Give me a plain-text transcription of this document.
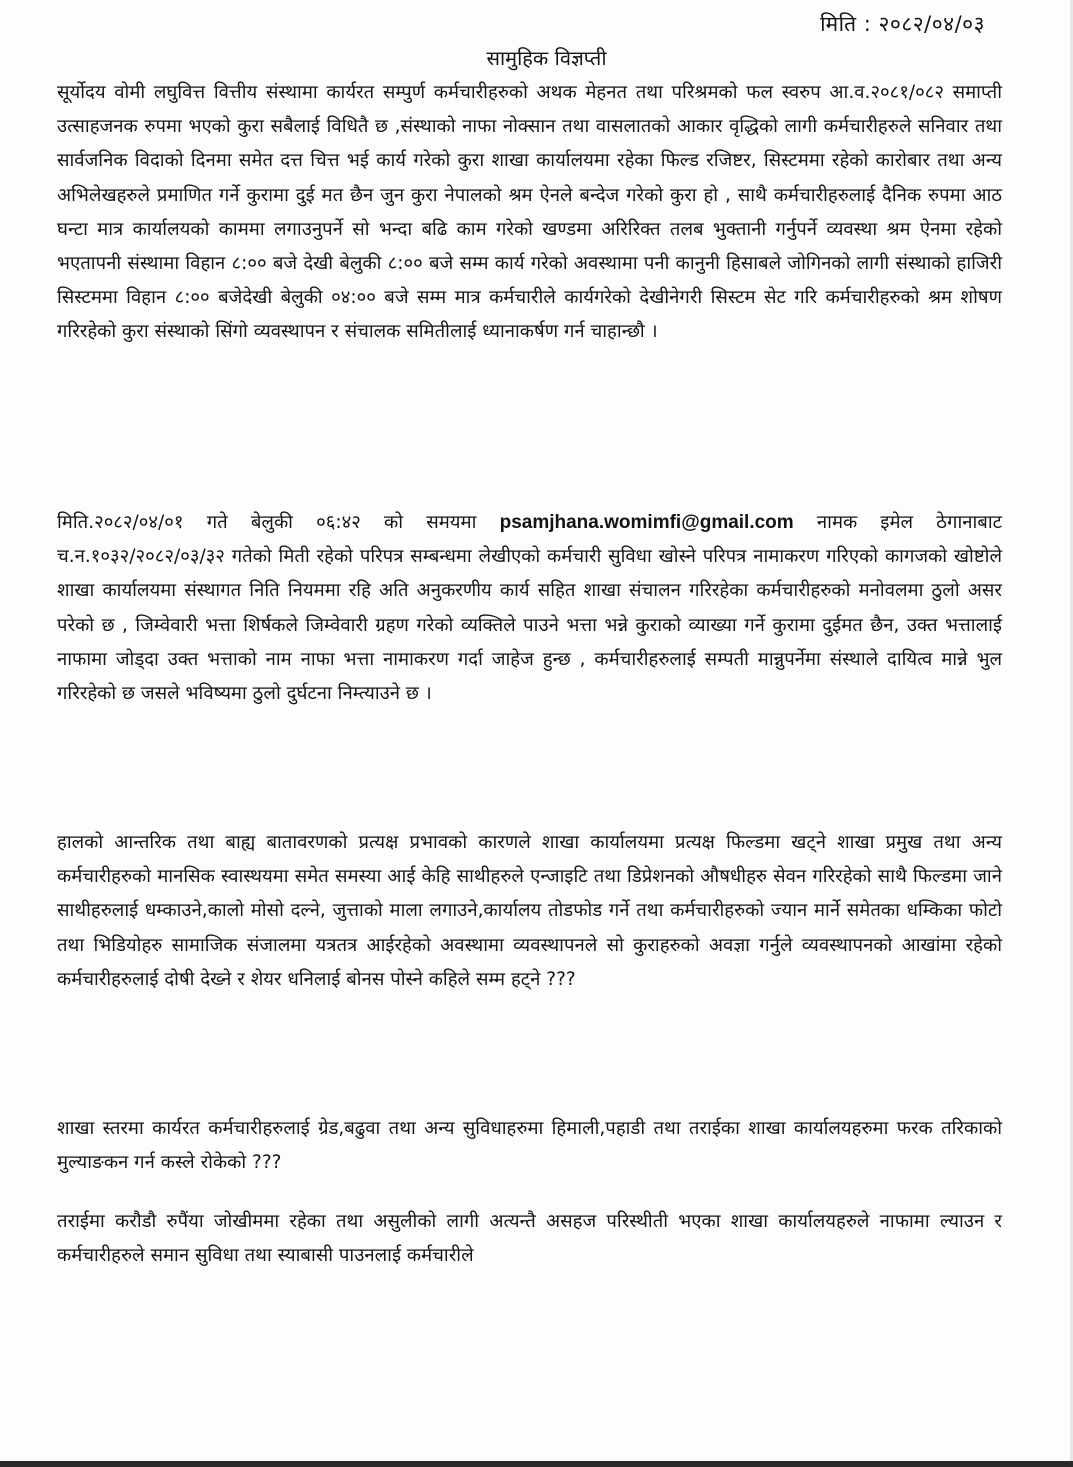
मिति : २०८२/०४/०३
सामुहिक विज्ञप्ती

सूर्योदय वोमी लघुवित्त वित्तीय संस्थामा कार्यरत सम्पुर्ण कर्मचारीहरुको अथक मेहनत तथा परिश्रमको फल स्वरुप आ.व.२०८१/०८२ समाप्ती उत्साहजनक रुपमा भएको कुरा सबैलाई विधितै छ ,संस्थाको नाफा नोक्सान तथा वासलातको आकार वृद्धिको लागी कर्मचारीहरुले सनिवार तथा सार्वजनिक विदाको दिनमा समेत दत्त चित्त भई कार्य गरेको कुरा शाखा कार्यालयमा रहेका फिल्ड रजिष्टर, सिस्टममा रहेको कारोबार तथा अन्य अभिलेखहरुले प्रमाणित गर्ने कुरामा दुई मत छैन जुन कुरा नेपालको श्रम ऐनले बन्देज गरेको कुरा हो , साथै कर्मचारीहरुलाई दैनिक रुपमा आठ घन्टा मात्र कार्यालयको काममा लगाउनुपर्ने सो भन्दा बढि काम गरेको खण्डमा अरिरिक्त तलब भुक्तानी गर्नुपर्ने व्यवस्था श्रम ऐनमा रहेको भएतापनी संस्थामा विहान ८:०० बजे देखी बेलुकी ८:०० बजे सम्म कार्य गरेको अवस्थामा पनी कानुनी हिसाबले जोगिनको लागी संस्थाको हाजिरी सिस्टममा विहान ८:०० बजेदेखी बेलुकी ०४:०० बजे सम्म मात्र कर्मचारीले कार्यगरेको देखीनेगरी सिस्टम सेट गरि कर्मचारीहरुको श्रम शोषण गरिरहेको कुरा संस्थाको सिंगो व्यवस्थापन र संचालक समितीलाई ध्यानाकर्षण गर्न चाहान्छौ ।

मिति.२०८२/०४/०१ गते बेलुकी ०६:४२ को समयमा psamjhana.womimfi@gmail.com नामक इमेल ठेगानाबाट च.न.१०३२/२०८२/०३/३२ गतेको मिती रहेको परिपत्र सम्बन्धमा लेखीएको कर्मचारी सुविधा खोस्ने परिपत्र नामाकरण गरिएको कागजको खोष्टोले शाखा कार्यालयमा संस्थागत निति नियममा रहि अति अनुकरणीय कार्य सहित शाखा संचालन गरिरहेका कर्मचारीहरुको मनोवलमा ठुलो असर परेको छ , जिम्वेवारी भत्ता शिर्षकले जिम्वेवारी ग्रहण गरेको व्यक्तिले पाउने भत्ता भन्ने कुराको व्याख्या गर्ने कुरामा दुईमत छैन, उक्त भत्तालाई नाफामा जोड्दा उक्त भत्ताको नाम नाफा भत्ता नामाकरण गर्दा जाहेज हुन्छ , कर्मचारीहरुलाई सम्पती मान्नुपर्नेमा संस्थाले दायित्व मान्ने भुल गरिरहेको छ जसले भविष्यमा ठुलो दुर्घटना निम्त्याउने छ ।

हालको आन्तरिक तथा बाह्य बातावरणको प्रत्यक्ष प्रभावको कारणले शाखा कार्यालयमा प्रत्यक्ष फिल्डमा खट्ने शाखा प्रमुख तथा अन्य कर्मचारीहरुको मानसिक स्वास्थयमा समेत समस्या आई केहि साथीहरुले एन्जाइटि तथा डिप्रेशनको औषधीहरु सेवन गरिरहेको साथै फिल्डमा जाने साथीहरुलाई धम्काउने,कालो मोसो दल्ने, जुत्ताको माला लगाउने,कार्यालय तोडफोड गर्ने तथा कर्मचारीहरुको ज्यान मार्ने समेतका धम्किका फोटो तथा भिडियोहरु सामाजिक संजालमा यत्रतत्र आईरहेको अवस्थामा व्यवस्थापनले सो कुराहरुको अवज्ञा गर्नुले व्यवस्थापनको आखांमा रहेको कर्मचारीहरुलाई दोषी देख्ने र शेयर धनिलाई बोनस पोस्ने कहिले सम्म हट्ने ???

शाखा स्तरमा कार्यरत कर्मचारीहरुलाई ग्रेड,बढुवा तथा अन्य सुविधाहरुमा हिमाली,पहाडी तथा तराईका शाखा कार्यालयहरुमा फरक तरिकाको मुल्याङकन गर्न कस्ले रोकेको ???

तराईमा करौडौ रुपैंया जोखीममा रहेका तथा असुलीको लागी अत्यन्तै असहज परिस्थीती भएका शाखा कार्यालयहरुले नाफामा ल्याउन र कर्मचारीहरुले समान सुविधा तथा स्याबासी पाउनलाई कर्मचारीले
